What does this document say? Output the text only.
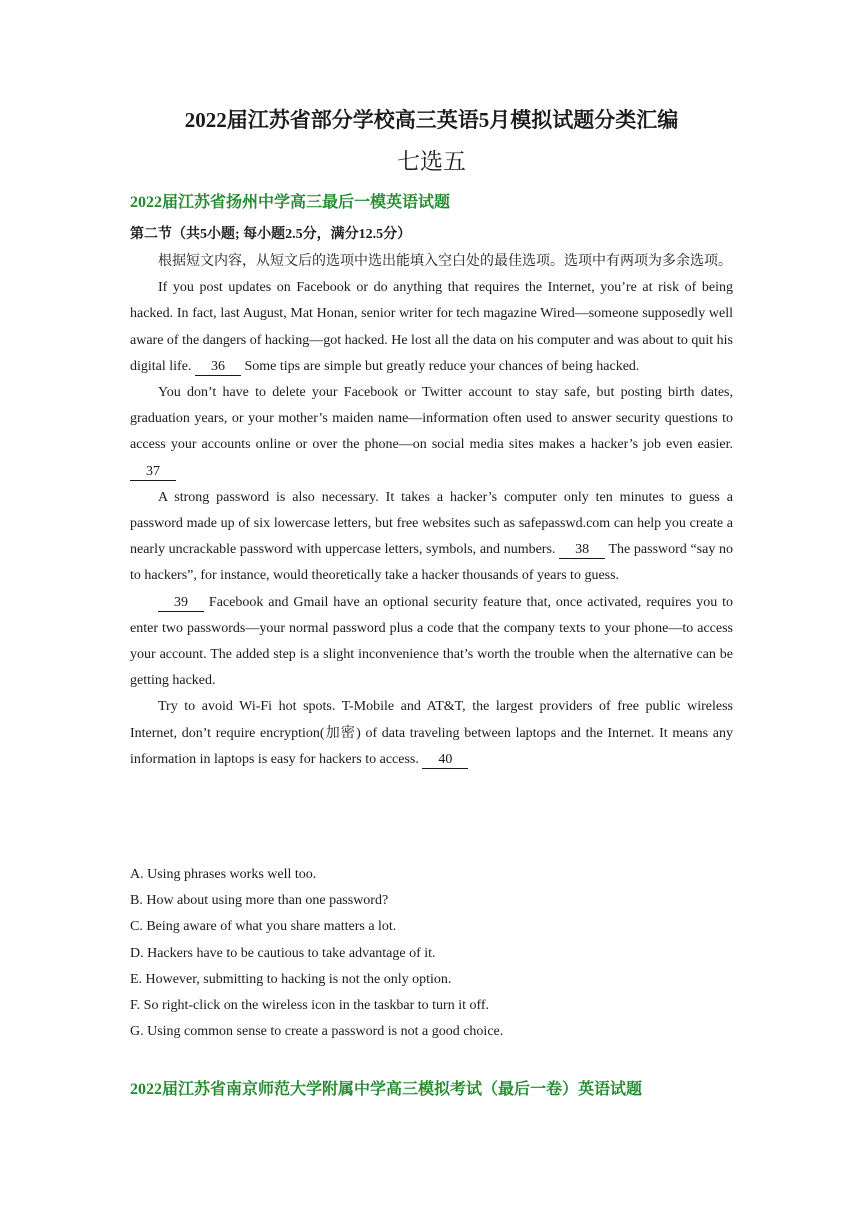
2022届江苏省部分学校高三英语5月模拟试题分类汇编
七选五
2022届江苏省扬州中学高三最后一模英语试题
第二节（共5小题; 每小题2.5分，满分12.5分）

根据短文内容，从短文后的选项中选出能填入空白处的最佳选项。选项中有两项为多余选项。

If you post updates on Facebook or do anything that requires the Internet, you’re at risk of being hacked. In fact, last August, Mat Honan, senior writer for tech magazine Wired—someone supposedly well aware of the dangers of hacking—got hacked. He lost all the data on his computer and was about to quit his digital life. 36 Some tips are simple but greatly reduce your chances of being hacked.

You don’t have to delete your Facebook or Twitter account to stay safe, but posting birth dates, graduation years, or your mother’s maiden name—information often used to answer security questions to access your accounts online or over the phone—on social media sites makes a hacker’s job even easier. 37

A strong password is also necessary. It takes a hacker’s computer only ten minutes to guess a password made up of six lowercase letters, but free websites such as safepasswd.com can help you create a nearly uncrackable password with uppercase letters, symbols, and numbers. 38 The password “say no to hackers”, for instance, would theoretically take a hacker thousands of years to guess.

39 Facebook and Gmail have an optional security feature that, once activated, requires you to enter two passwords—your normal password plus a code that the company texts to your phone—to access your account. The added step is a slight inconvenience that’s worth the trouble when the alternative can be getting hacked.

Try to avoid Wi-Fi hot spots. T-Mobile and AT&T, the largest providers of free public wireless Internet, don’t require encryption(加密) of data traveling between laptops and the Internet. It means any information in laptops is easy for hackers to access. 40

A. Using phrases works well too.
B. How about using more than one password?
C. Being aware of what you share matters a lot.
D. Hackers have to be cautious to take advantage of it.
E. However, submitting to hacking is not the only option.
F. So right-click on the wireless icon in the taskbar to turn it off.
G. Using common sense to create a password is not a good choice.
2022届江苏省南京师范大学附属中学高三模拟考试（最后一卷）英语试题
